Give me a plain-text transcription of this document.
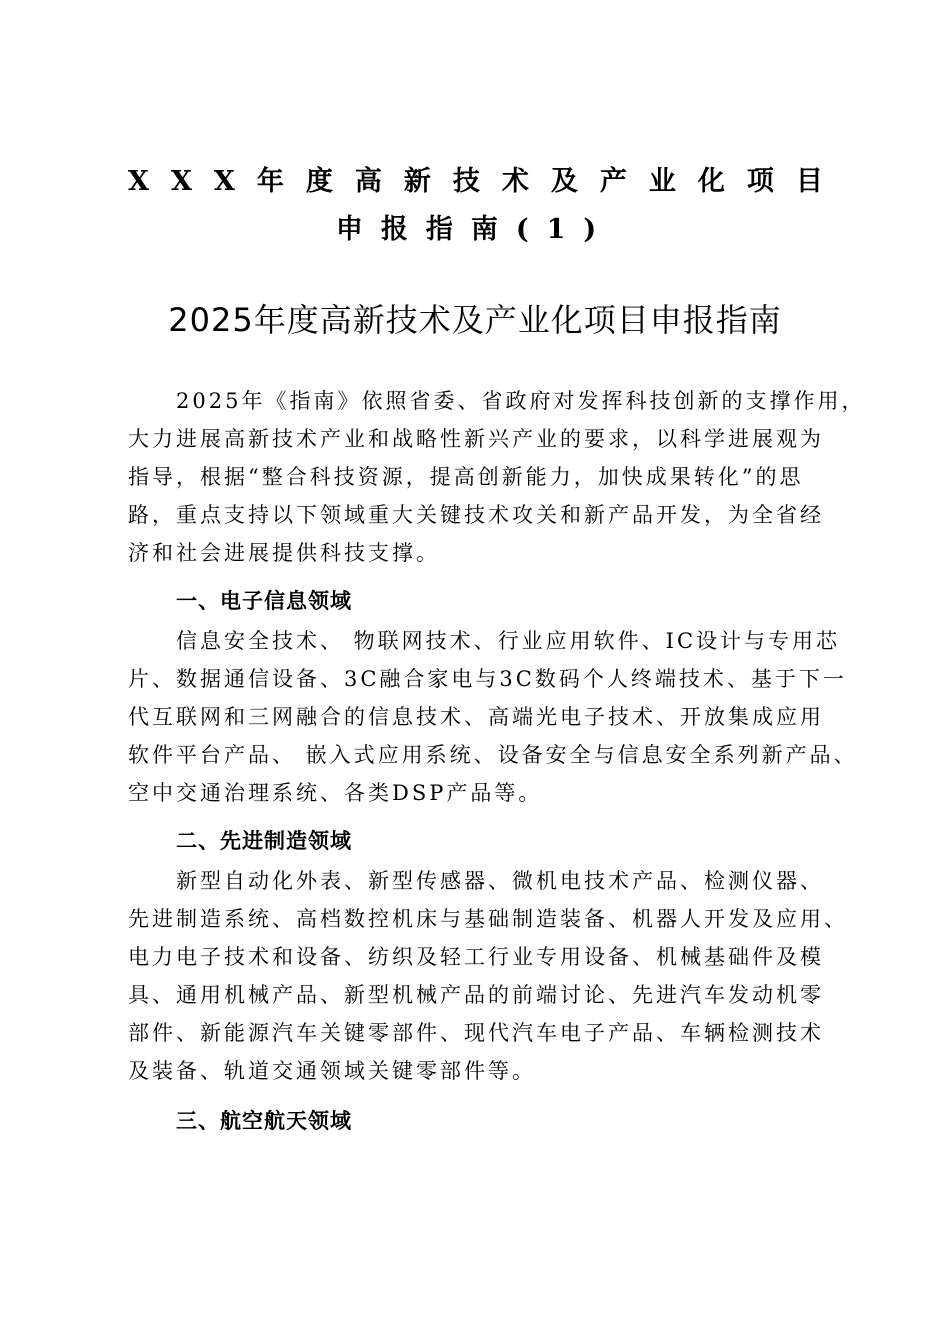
XXX年度高新技术及产业化项目
申报指南(1)
2025年度高新技术及产业化项目申报指南
2025年《指南》依照省委、省政府对发挥科技创新的支撑作用，
大力进展高新技术产业和战略性新兴产业的要求，以科学进展观为
指导，根据“整合科技资源，提高创新能力，加快成果转化”的思
路，重点支持以下领域重大关键技术攻关和新产品开发，为全省经
济和社会进展提供科技支撑。
一、电子信息领域
信息安全技术、 物联网技术、行业应用软件、IC设计与专用芯
片、数据通信设备、3C融合家电与3C数码个人终端技术、基于下一
代互联网和三网融合的信息技术、高端光电子技术、开放集成应用
软件平台产品、 嵌入式应用系统、设备安全与信息安全系列新产品、
空中交通治理系统、各类DSP产品等。
二、先进制造领域
新型自动化外表、新型传感器、微机电技术产品、检测仪器、
先进制造系统、高档数控机床与基础制造装备、机器人开发及应用、
电力电子技术和设备、纺织及轻工行业专用设备、机械基础件及模
具、通用机械产品、新型机械产品的前端讨论、先进汽车发动机零
部件、新能源汽车关键零部件、现代汽车电子产品、车辆检测技术
及装备、轨道交通领域关键零部件等。
三、航空航天领域
